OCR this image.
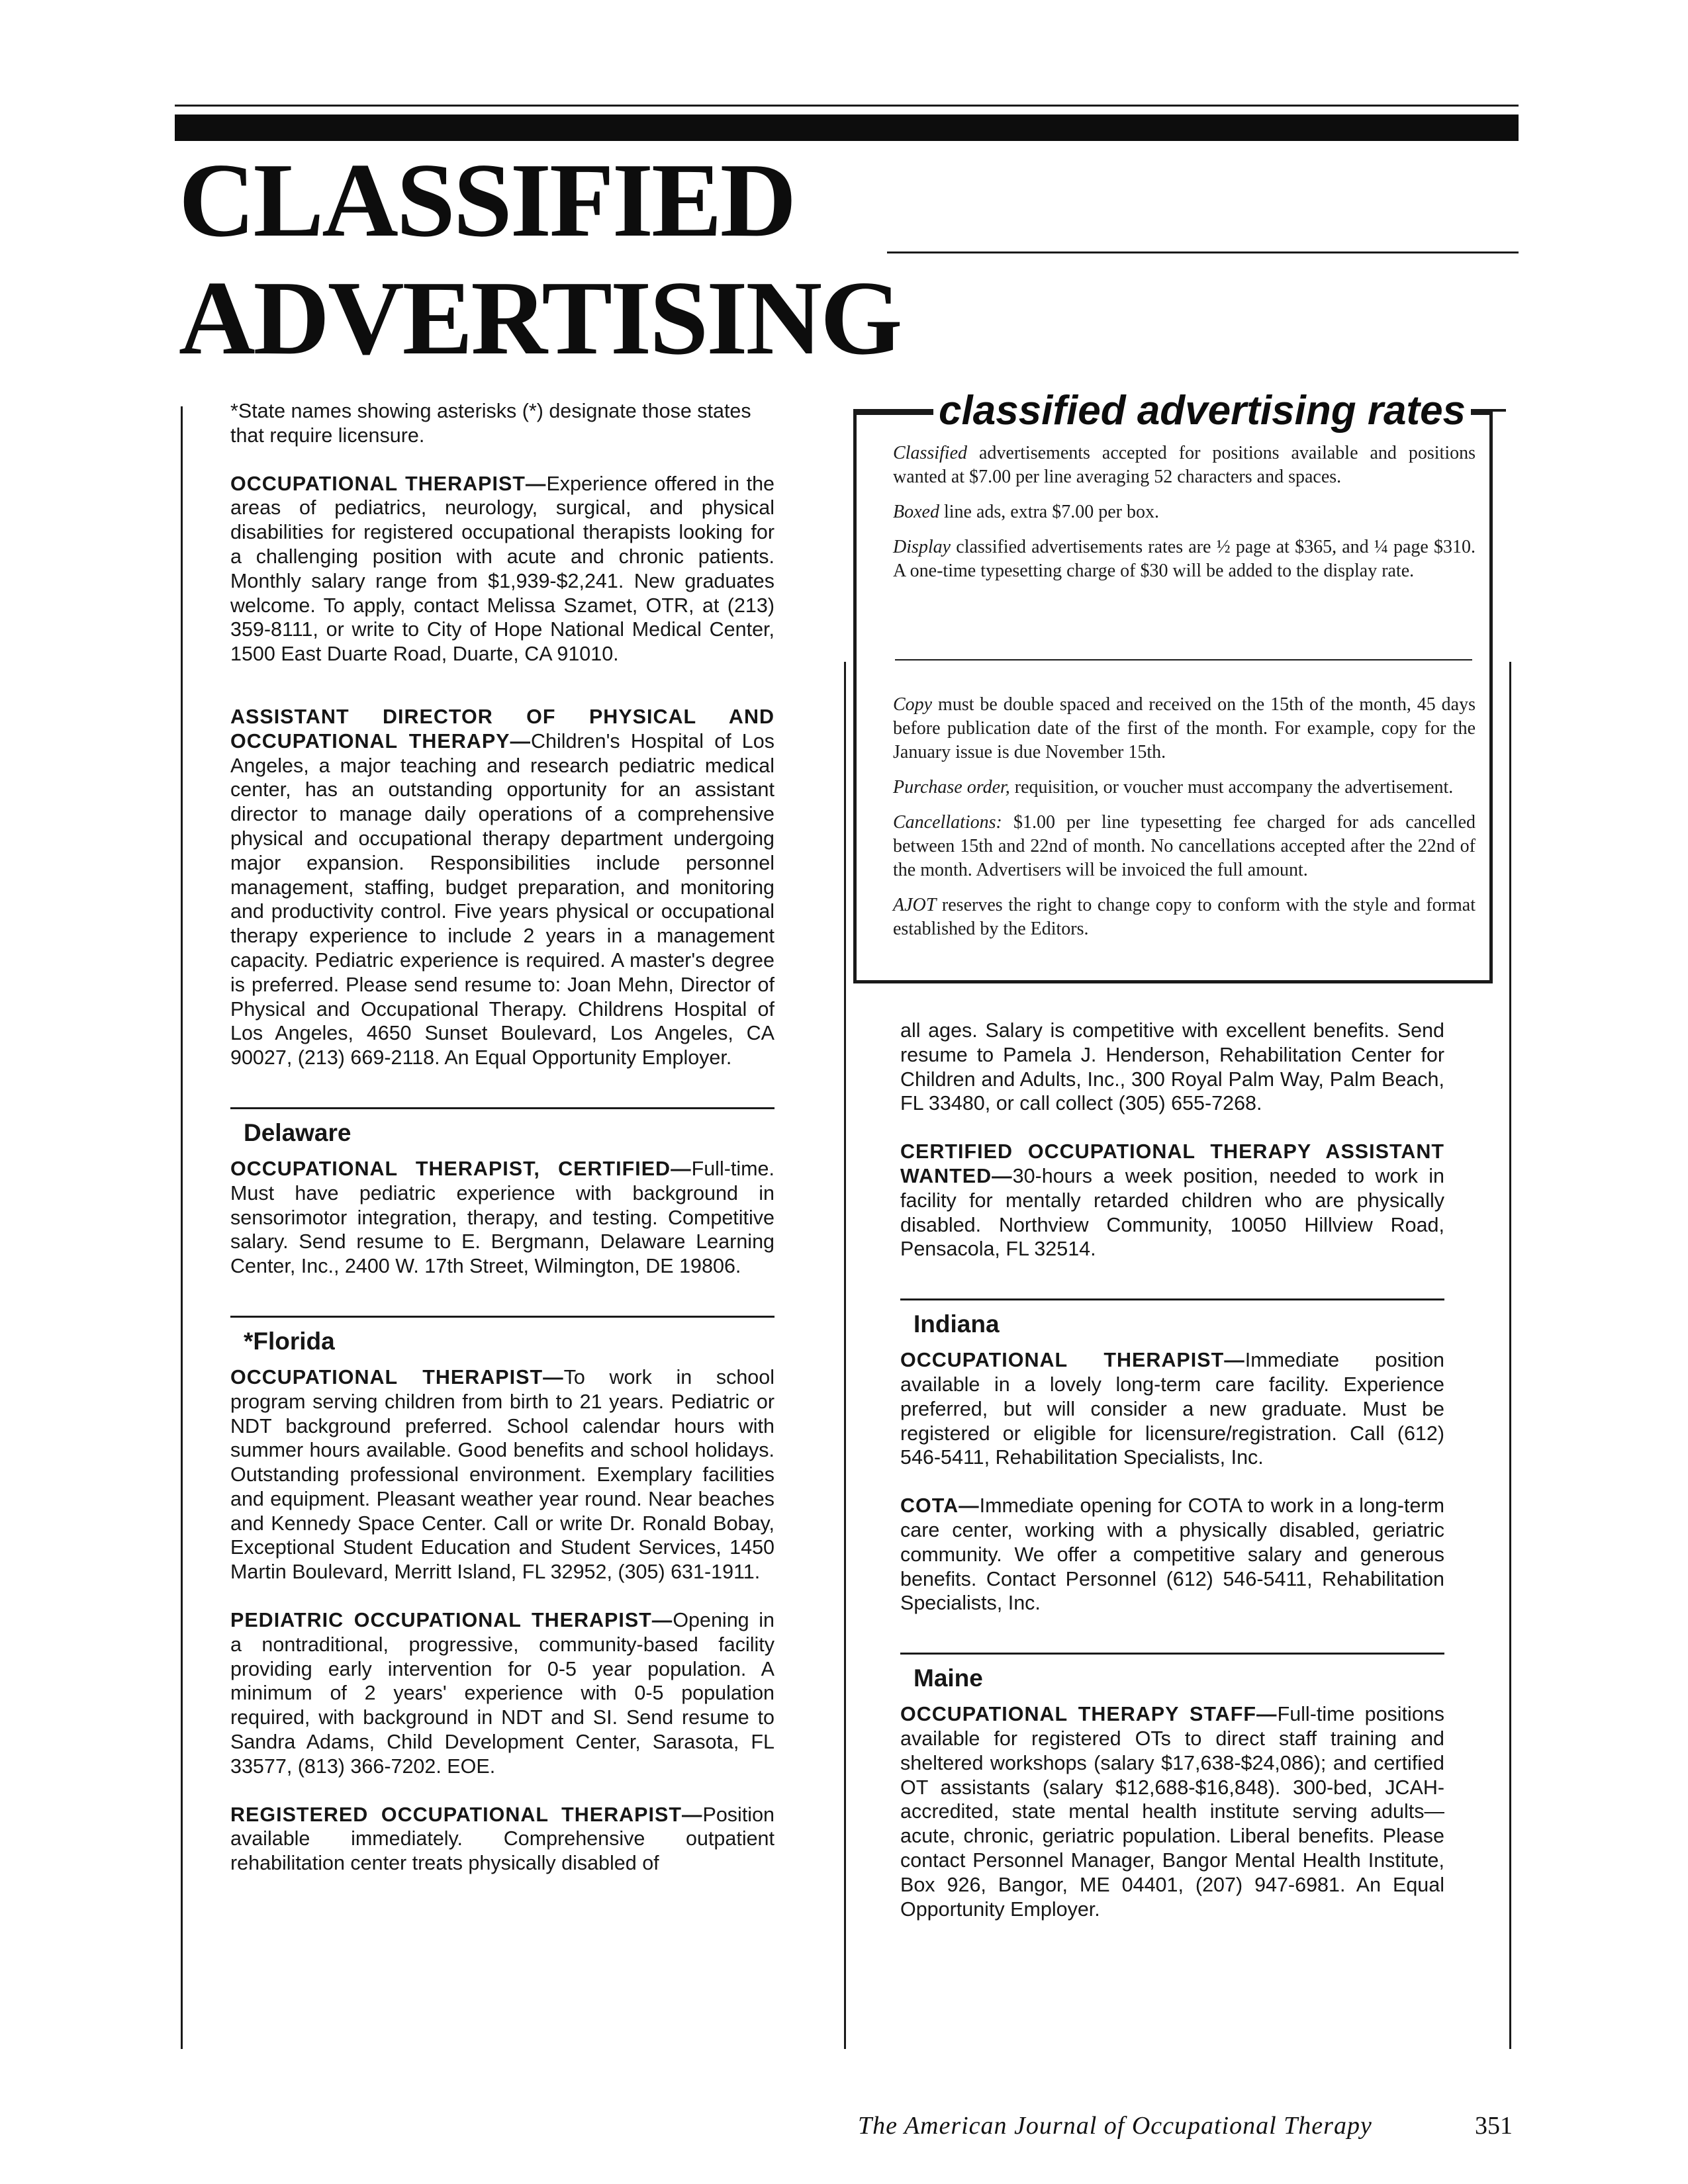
CLASSIFIED
ADVERTISING

*State names showing asterisks (*) designate those states that require licensure.

OCCUPATIONAL THERAPIST—Experience offered in the areas of pediatrics, neurology, surgical, and physical disabilities for registered occupational therapists looking for a challenging position with acute and chronic patients. Monthly salary range from $1,939-$2,241. New graduates welcome. To apply, contact Melissa Szamet, OTR, at (213) 359-8111, or write to City of Hope National Medical Center, 1500 East Duarte Road, Duarte, CA 91010.

ASSISTANT DIRECTOR OF PHYSICAL AND OCCUPATIONAL THERAPY—Children's Hospital of Los Angeles, a major teaching and research pediatric medical center, has an outstanding opportunity for an assistant director to manage daily operations of a comprehensive physical and occupational therapy department undergoing major expansion. Responsibilities include personnel management, staffing, budget preparation, and monitoring and productivity control. Five years physical or occupational therapy experience to include 2 years in a management capacity. Pediatric experience is required. A master's degree is preferred. Please send resume to: Joan Mehn, Director of Physical and Occupational Therapy. Childrens Hospital of Los Angeles, 4650 Sunset Boulevard, Los Angeles, CA 90027, (213) 669-2118. An Equal Opportunity Employer.

Delaware

OCCUPATIONAL THERAPIST, CERTIFIED—Full-time. Must have pediatric experience with background in sensorimotor integration, therapy, and testing. Competitive salary. Send resume to E. Bergmann, Delaware Learning Center, Inc., 2400 W. 17th Street, Wilmington, DE 19806.

*Florida

OCCUPATIONAL THERAPIST—To work in school program serving children from birth to 21 years. Pediatric or NDT background preferred. School calendar hours with summer hours available. Good benefits and school holidays. Outstanding professional environment. Exemplary facilities and equipment. Pleasant weather year round. Near beaches and Kennedy Space Center. Call or write Dr. Ronald Bobay, Exceptional Student Education and Student Services, 1450 Martin Boulevard, Merritt Island, FL 32952, (305) 631-1911.

PEDIATRIC OCCUPATIONAL THERAPIST—Opening in a nontraditional, progressive, community-based facility providing early intervention for 0-5 year population. A minimum of 2 years' experience with 0-5 population required, with background in NDT and SI. Send resume to Sandra Adams, Child Development Center, Sarasota, FL 33577, (813) 366-7202. EOE.

REGISTERED OCCUPATIONAL THERAPIST—Position available immediately. Comprehensive outpatient rehabilitation center treats physically disabled of

classified advertising rates

Classified advertisements accepted for positions available and positions wanted at $7.00 per line averaging 52 characters and spaces.

Boxed line ads, extra $7.00 per box.

Display classified advertisements rates are ½ page at $365, and ¼ page $310. A one-time typesetting charge of $30 will be added to the display rate.

Copy must be double spaced and received on the 15th of the month, 45 days before publication date of the first of the month. For example, copy for the January issue is due November 15th.

Purchase order, requisition, or voucher must accompany the advertisement.

Cancellations: $1.00 per line typesetting fee charged for ads cancelled between 15th and 22nd of month. No cancellations accepted after the 22nd of the month. Advertisers will be invoiced the full amount.

AJOT reserves the right to change copy to conform with the style and format established by the Editors.

all ages. Salary is competitive with excellent benefits. Send resume to Pamela J. Henderson, Rehabilitation Center for Children and Adults, Inc., 300 Royal Palm Way, Palm Beach, FL 33480, or call collect (305) 655-7268.

CERTIFIED OCCUPATIONAL THERAPY ASSISTANT WANTED—30-hours a week position, needed to work in facility for mentally retarded children who are physically disabled. Northview Community, 10050 Hillview Road, Pensacola, FL 32514.

Indiana

OCCUPATIONAL THERAPIST—Immediate position available in a lovely long-term care facility. Experience preferred, but will consider a new graduate. Must be registered or eligible for licensure/registration. Call (612) 546-5411, Rehabilitation Specialists, Inc.

COTA—Immediate opening for COTA to work in a long-term care center, working with a physically disabled, geriatric community. We offer a competitive salary and generous benefits. Contact Personnel (612) 546-5411, Rehabilitation Specialists, Inc.

Maine

OCCUPATIONAL THERAPY STAFF—Full-time positions available for registered OTs to direct staff training and sheltered workshops (salary $17,638-$24,086); and certified OT assistants (salary $12,688-$16,848). 300-bed, JCAH-accredited, state mental health institute serving adults—acute, chronic, geriatric population. Liberal benefits. Please contact Personnel Manager, Bangor Mental Health Institute, Box 926, Bangor, ME 04401, (207) 947-6981. An Equal Opportunity Employer.

The American Journal of Occupational Therapy	351
